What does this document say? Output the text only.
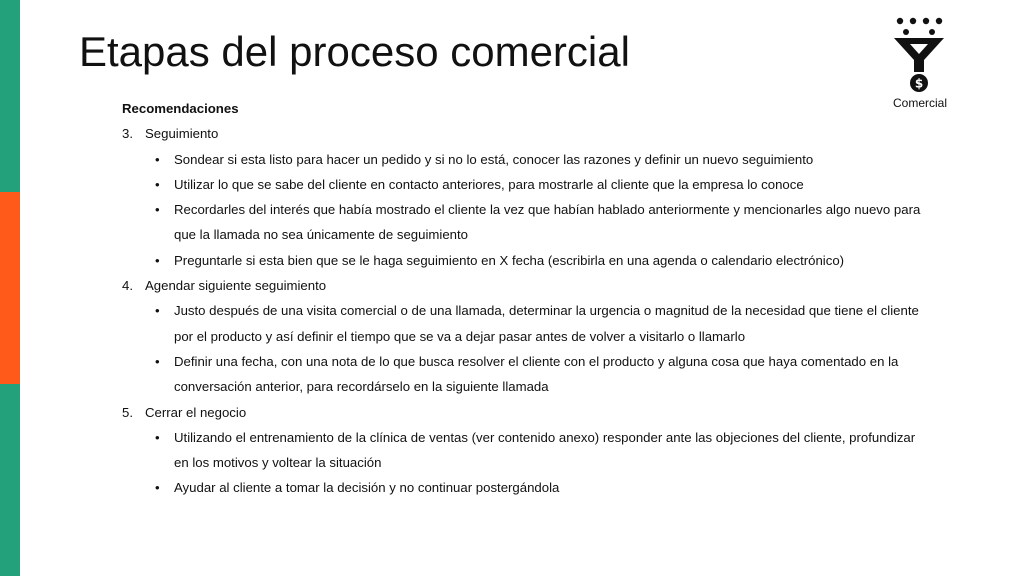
Etapas del proceso comercial
$
Comercial
Recomendaciones
3. Seguimiento
• Sondear si esta listo para hacer un pedido y si no lo está, conocer las razones y definir un nuevo seguimiento
• Utilizar lo que se sabe del cliente en contacto anteriores, para mostrarle al cliente que la empresa lo conoce
• Recordarles del interés que había mostrado el cliente la vez que habían hablado anteriormente y mencionarles algo nuevo para que la llamada no sea únicamente de seguimiento
• Preguntarle si esta bien que se le haga seguimiento en X fecha (escribirla en una agenda o calendario electrónico)
4. Agendar siguiente seguimiento
• Justo después de una visita comercial o de una llamada, determinar la urgencia o magnitud de la necesidad que tiene el cliente por el producto y así definir el tiempo que se va a dejar pasar antes de volver a visitarlo o llamarlo
• Definir una fecha, con una nota de lo que busca resolver el cliente con el producto y alguna cosa que haya comentado en la conversación anterior, para recordárselo en la siguiente llamada
5. Cerrar el negocio
• Utilizando el entrenamiento de la clínica de ventas (ver contenido anexo) responder ante las objeciones del cliente, profundizar en los motivos y voltear la situación
• Ayudar al cliente a tomar la decisión y no continuar postergándola
